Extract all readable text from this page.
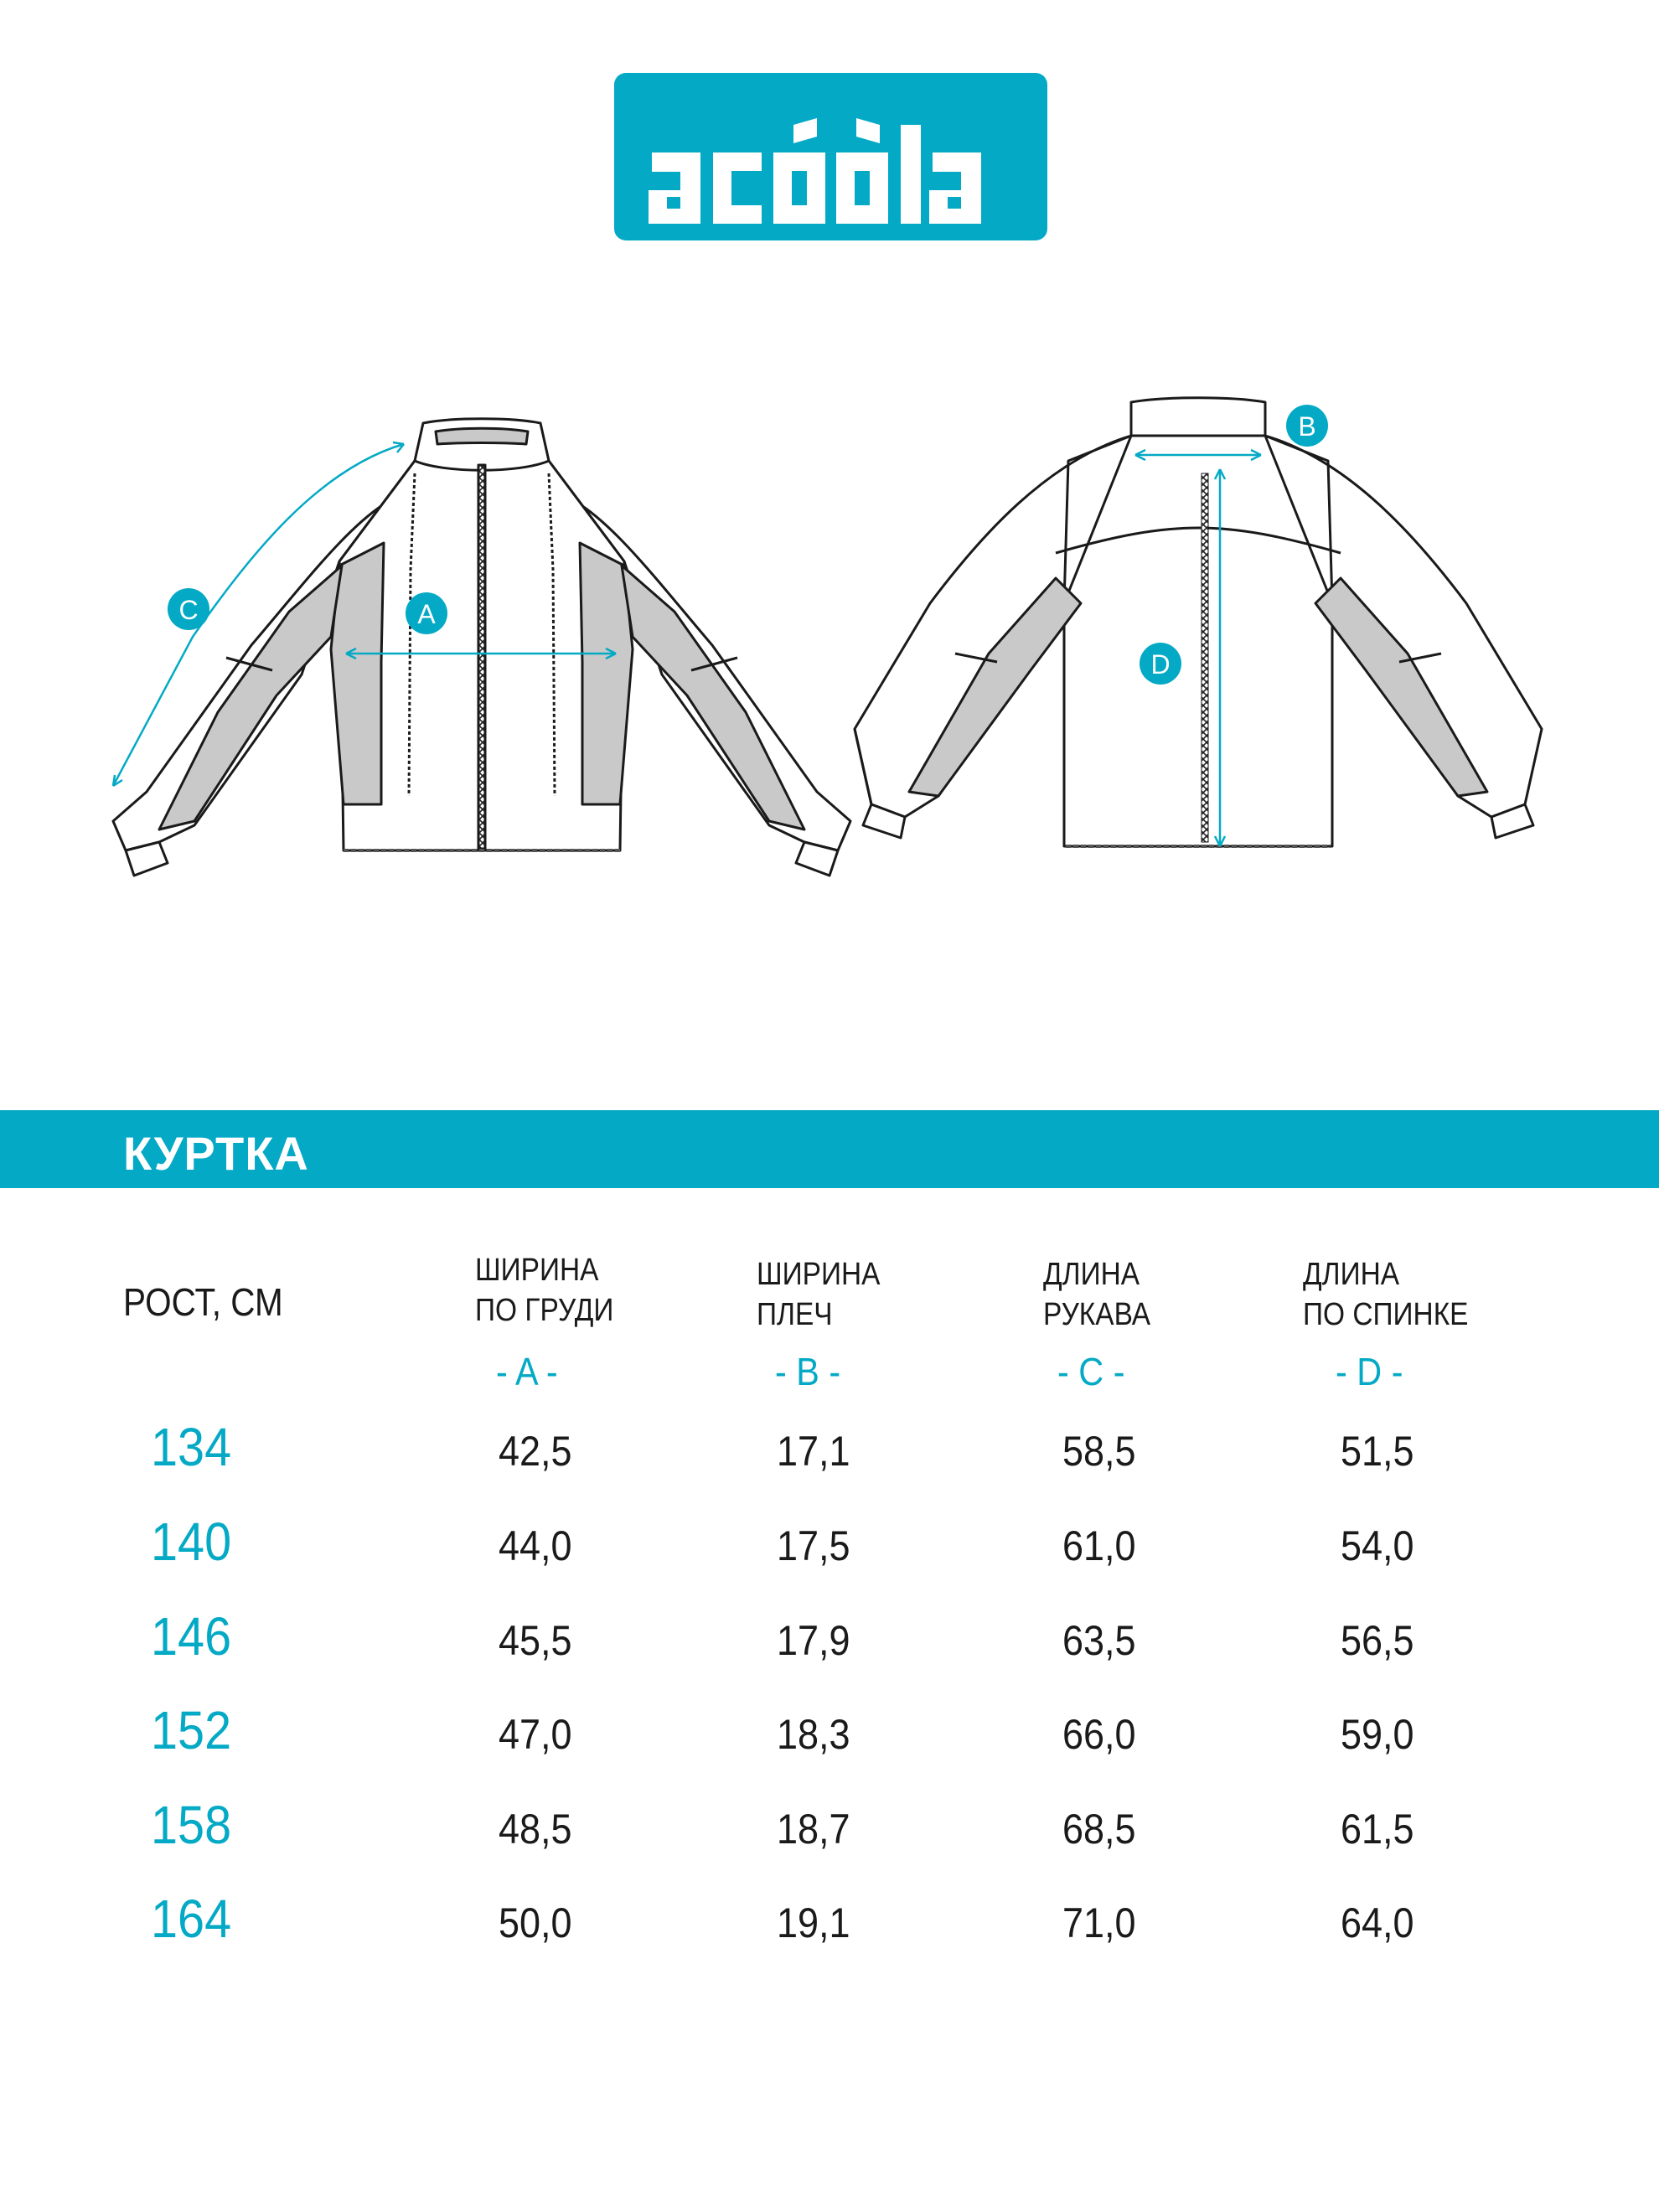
A
C
B
D
КУРТКА
РОСТ, СМ
ШИРИНА
ПО ГРУДИ
ШИРИНА
ПЛЕЧ
ДЛИНА
РУКАВА
ДЛИНА
ПО СПИНКЕ
- A -	- B -	- C -	- D -
134	42,5	17,1	58,5	51,5
140	44,0	17,5	61,0	54,0
146	45,5	17,9	63,5	56,5
152	47,0	18,3	66,0	59,0
158	48,5	18,7	68,5	61,5
164	50,0	19,1	71,0	64,0
